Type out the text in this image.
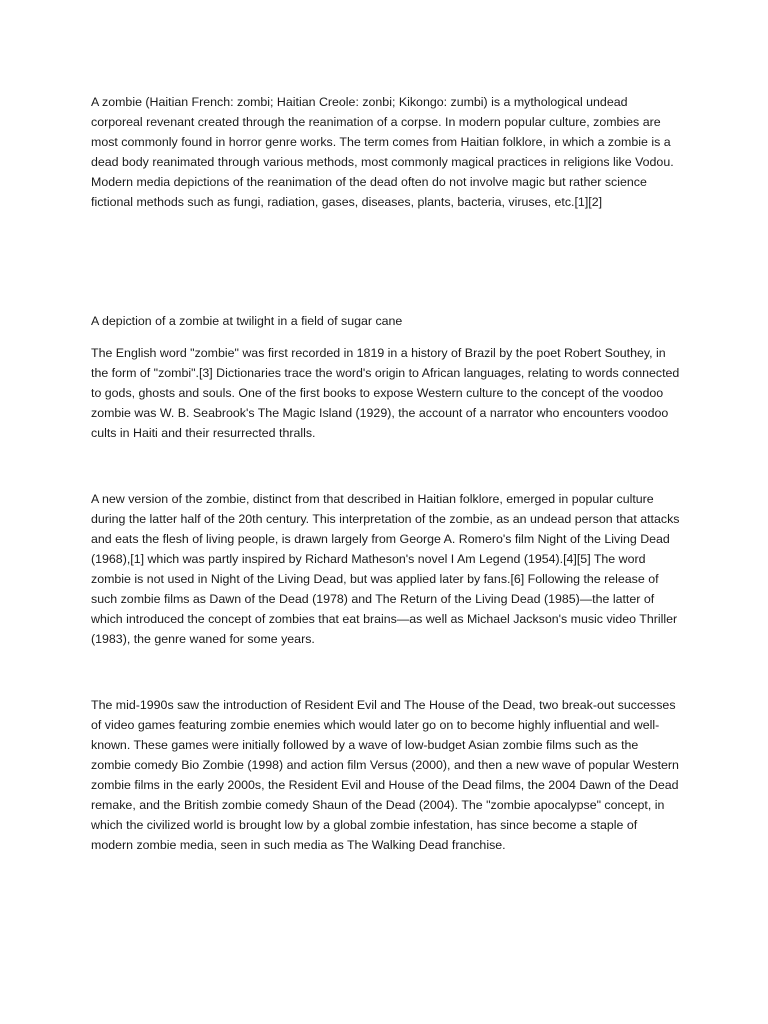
A zombie (Haitian French: zombi; Haitian Creole: zonbi; Kikongo: zumbi) is a mythological undead corporeal revenant created through the reanimation of a corpse. In modern popular culture, zombies are most commonly found in horror genre works. The term comes from Haitian folklore, in which a zombie is a dead body reanimated through various methods, most commonly magical practices in religions like Vodou. Modern media depictions of the reanimation of the dead often do not involve magic but rather science fictional methods such as fungi, radiation, gases, diseases, plants, bacteria, viruses, etc.[1][2]

A depiction of a zombie at twilight in a field of sugar cane

The English word "zombie" was first recorded in 1819 in a history of Brazil by the poet Robert Southey, in the form of "zombi".[3] Dictionaries trace the word's origin to African languages, relating to words connected to gods, ghosts and souls. One of the first books to expose Western culture to the concept of the voodoo zombie was W. B. Seabrook's The Magic Island (1929), the account of a narrator who encounters voodoo cults in Haiti and their resurrected thralls.

A new version of the zombie, distinct from that described in Haitian folklore, emerged in popular culture during the latter half of the 20th century. This interpretation of the zombie, as an undead person that attacks and eats the flesh of living people, is drawn largely from George A. Romero's film Night of the Living Dead (1968),[1] which was partly inspired by Richard Matheson's novel I Am Legend (1954).[4][5] The word zombie is not used in Night of the Living Dead, but was applied later by fans.[6] Following the release of such zombie films as Dawn of the Dead (1978) and The Return of the Living Dead (1985)—the latter of which introduced the concept of zombies that eat brains—as well as Michael Jackson's music video Thriller (1983), the genre waned for some years.

The mid-1990s saw the introduction of Resident Evil and The House of the Dead, two break-out successes of video games featuring zombie enemies which would later go on to become highly influential and well-known. These games were initially followed by a wave of low-budget Asian zombie films such as the zombie comedy Bio Zombie (1998) and action film Versus (2000), and then a new wave of popular Western zombie films in the early 2000s, the Resident Evil and House of the Dead films, the 2004 Dawn of the Dead remake, and the British zombie comedy Shaun of the Dead (2004). The "zombie apocalypse" concept, in which the civilized world is brought low by a global zombie infestation, has since become a staple of modern zombie media, seen in such media as The Walking Dead franchise.
